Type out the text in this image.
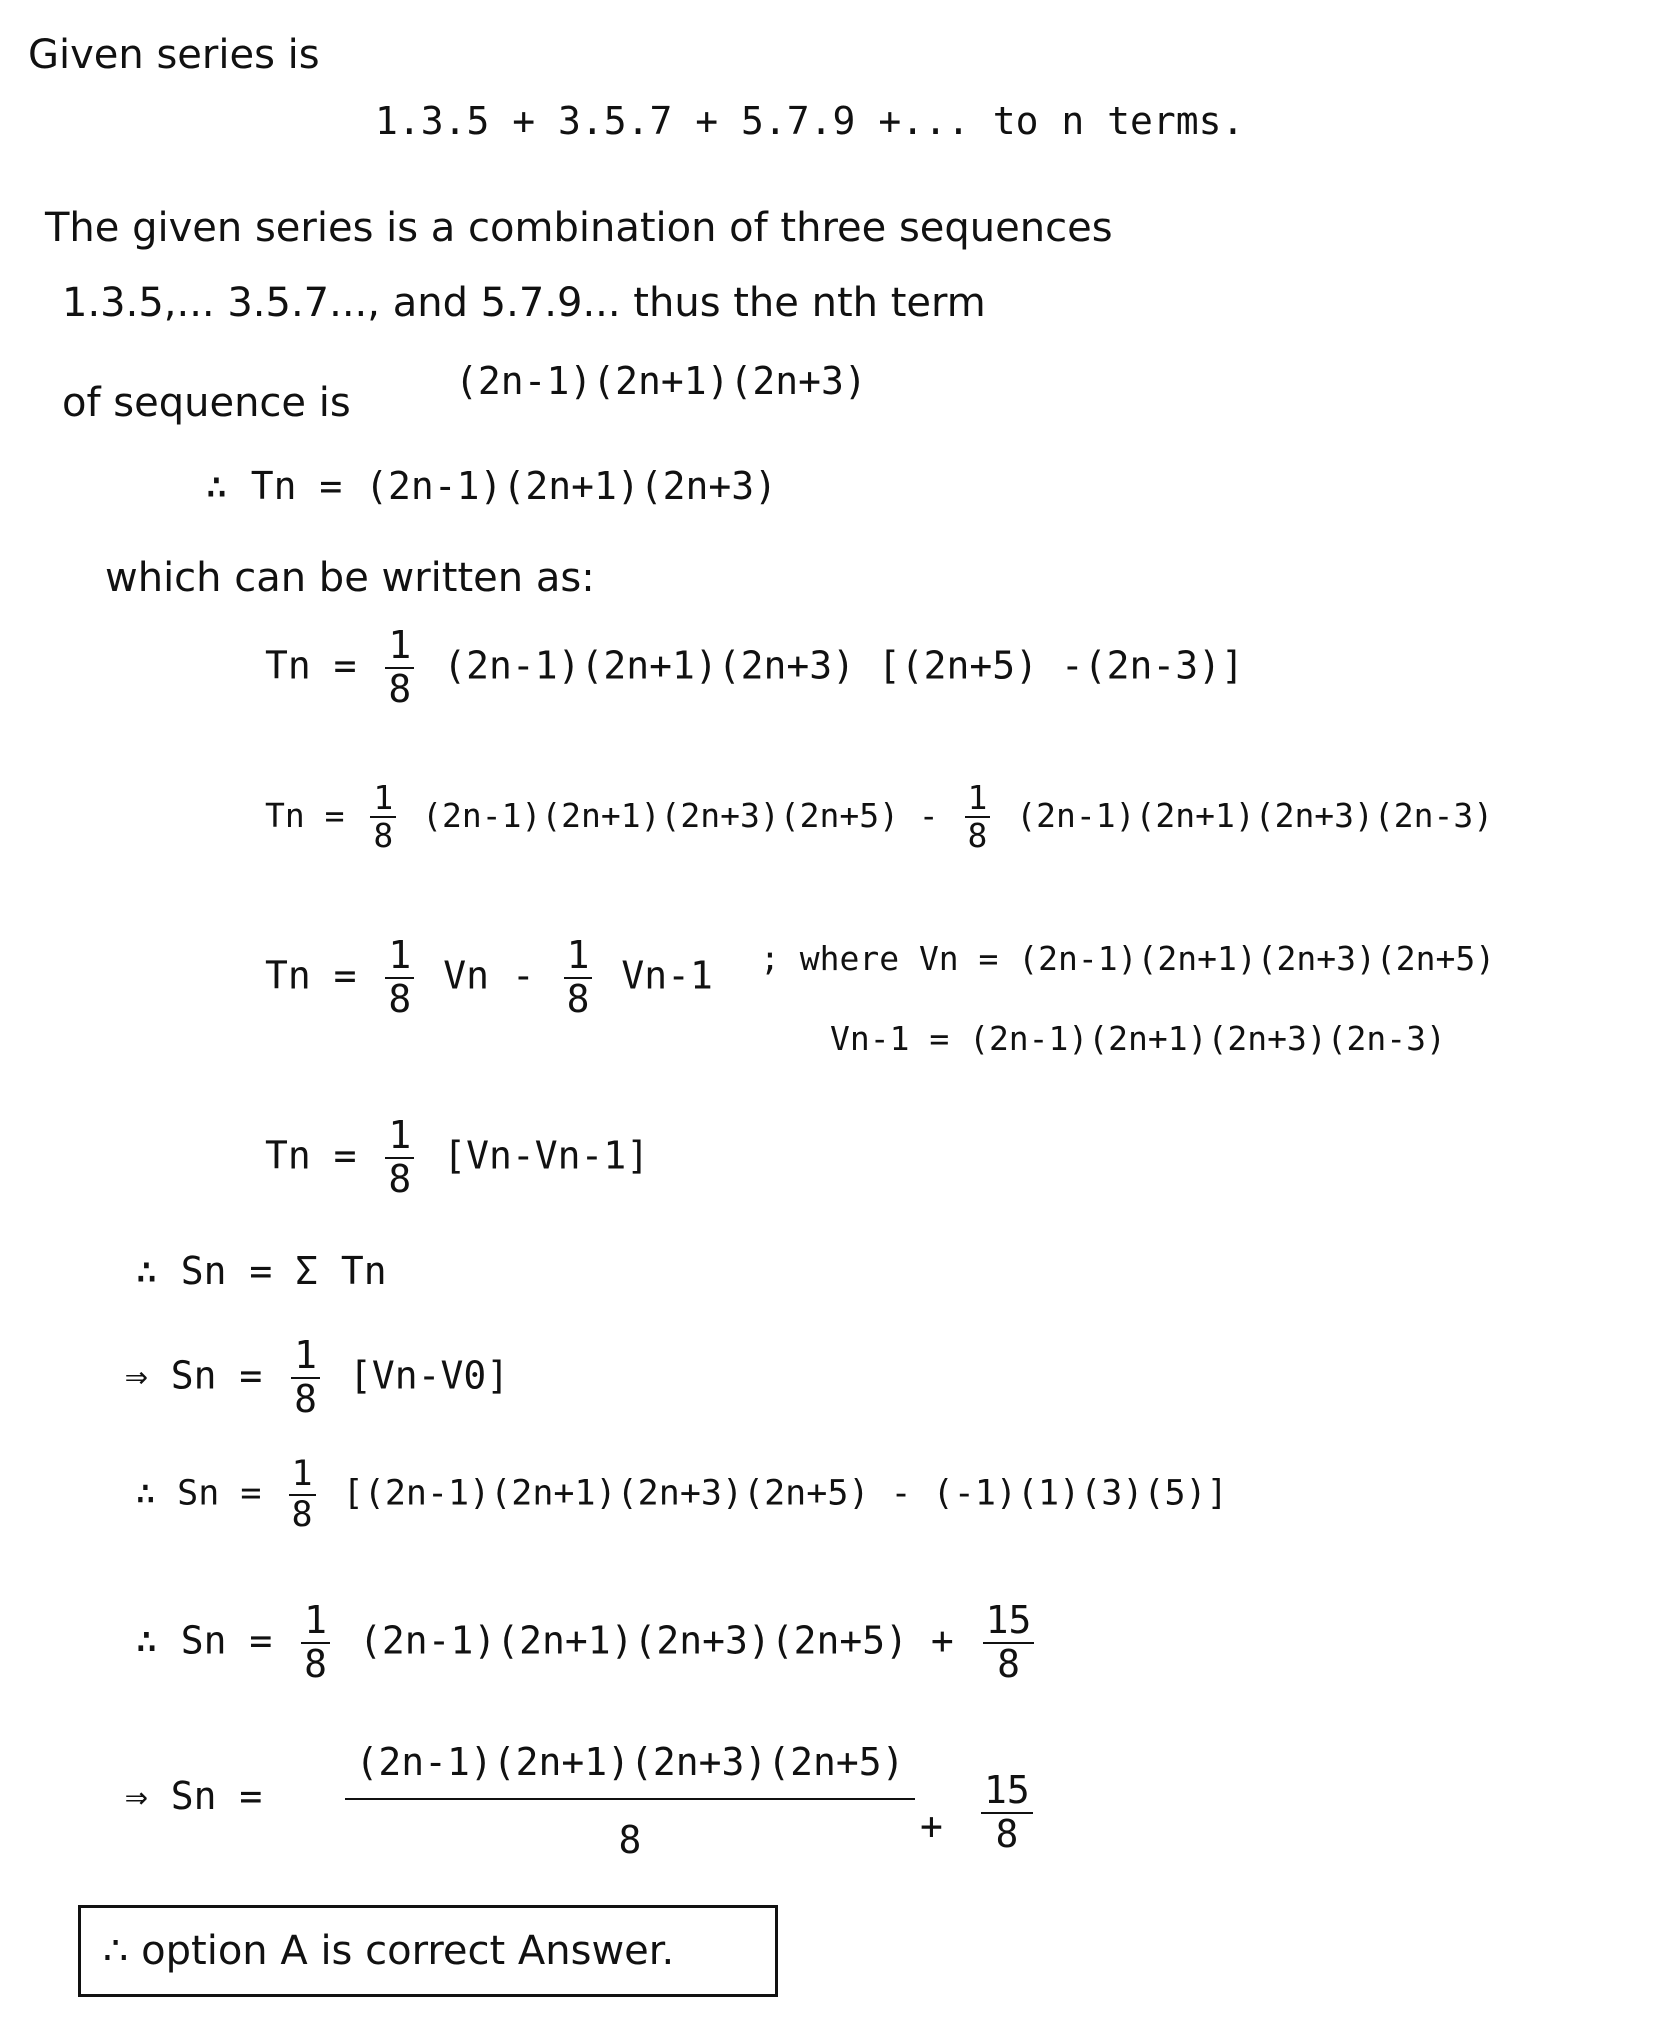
Given series is
1.3.5 + 3.5.7 + 5.7.9 +... to n terms.
The given series is a combination of three sequences
1.3.5,... 3.5.7..., and 5.7.9... thus the nth term
of sequence is	(2n-1)(2n+1)(2n+3)
∴ Tn = (2n-1)(2n+1)(2n+3)
which can be written as:
$Tn = \frac{1}{8} (2n-1)(2n+1)(2n+3)$ [(2n+5) -(2n-3)]
$Tn = \frac{1}{8} (2n-1)(2n+1)(2n+3)(2n+5) - \frac{1}{8} (2n-1)(2n+1)(2n+3)(2n-3)$
$Tn = \frac{1}{8}$ Vn - $\frac{1}{8} Vn-1$ ; where Vn = (2n-1)(2n+1)(2n+3)(2n+5)
Vn-1 = (2n-1)(2n+1)(2n+3)(2n-3)
$Tn = \frac{1}{8} [Vn-Vn-1]$
∴ Sn = Σ Tn
⇒ $Sn = \frac{1}{8} [Vn-V0]$
∴ $Sn = \frac{1}{8} [(2n-1)(2n+1)(2n+3)(2n+5) - (-1)(1)(3)(5)]$
∴ $Sn = \frac{1}{8} (2n-1)(2n+1)(2n+3)(2n+5) + \frac{15}{8}$
⇒ Sn =	$\frac{(2n-1)(2n+1)(2n+3)(2n+5)}{8} + \frac{15}{8}$
∴ option A is correct Answer.
